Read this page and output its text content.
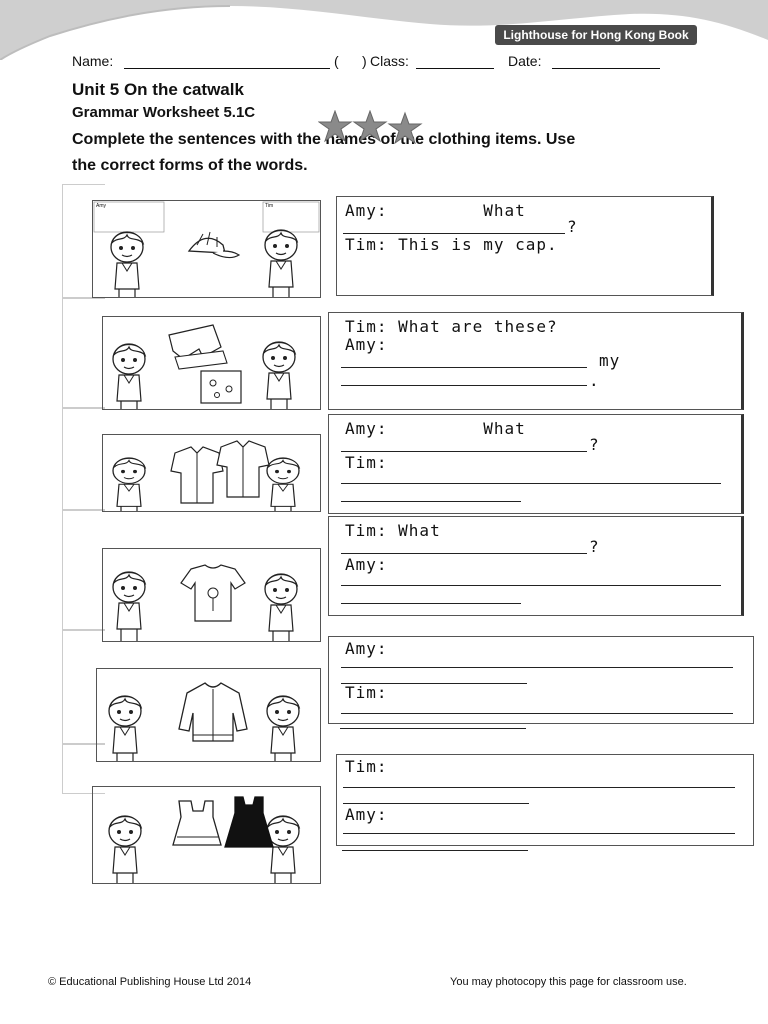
Lighthouse for Hong Kong Book
Name:	(      ) Class:	Date:
Unit 5 On the catwalk
Grammar Worksheet 5.1C
Complete the sentences with the names of the clothing items. Use
the correct forms of the words.
Amy	Tim	Amy:         What
?
Tim: This is my cap.
Tim: What are these?
Amy:
my
.
Amy:         What
?
Tim:
Tim: What
?
Amy:
Amy:
Tim:
Tim:
Amy:
© Educational Publishing House Ltd 2014	You may photocopy this page for classroom use.
